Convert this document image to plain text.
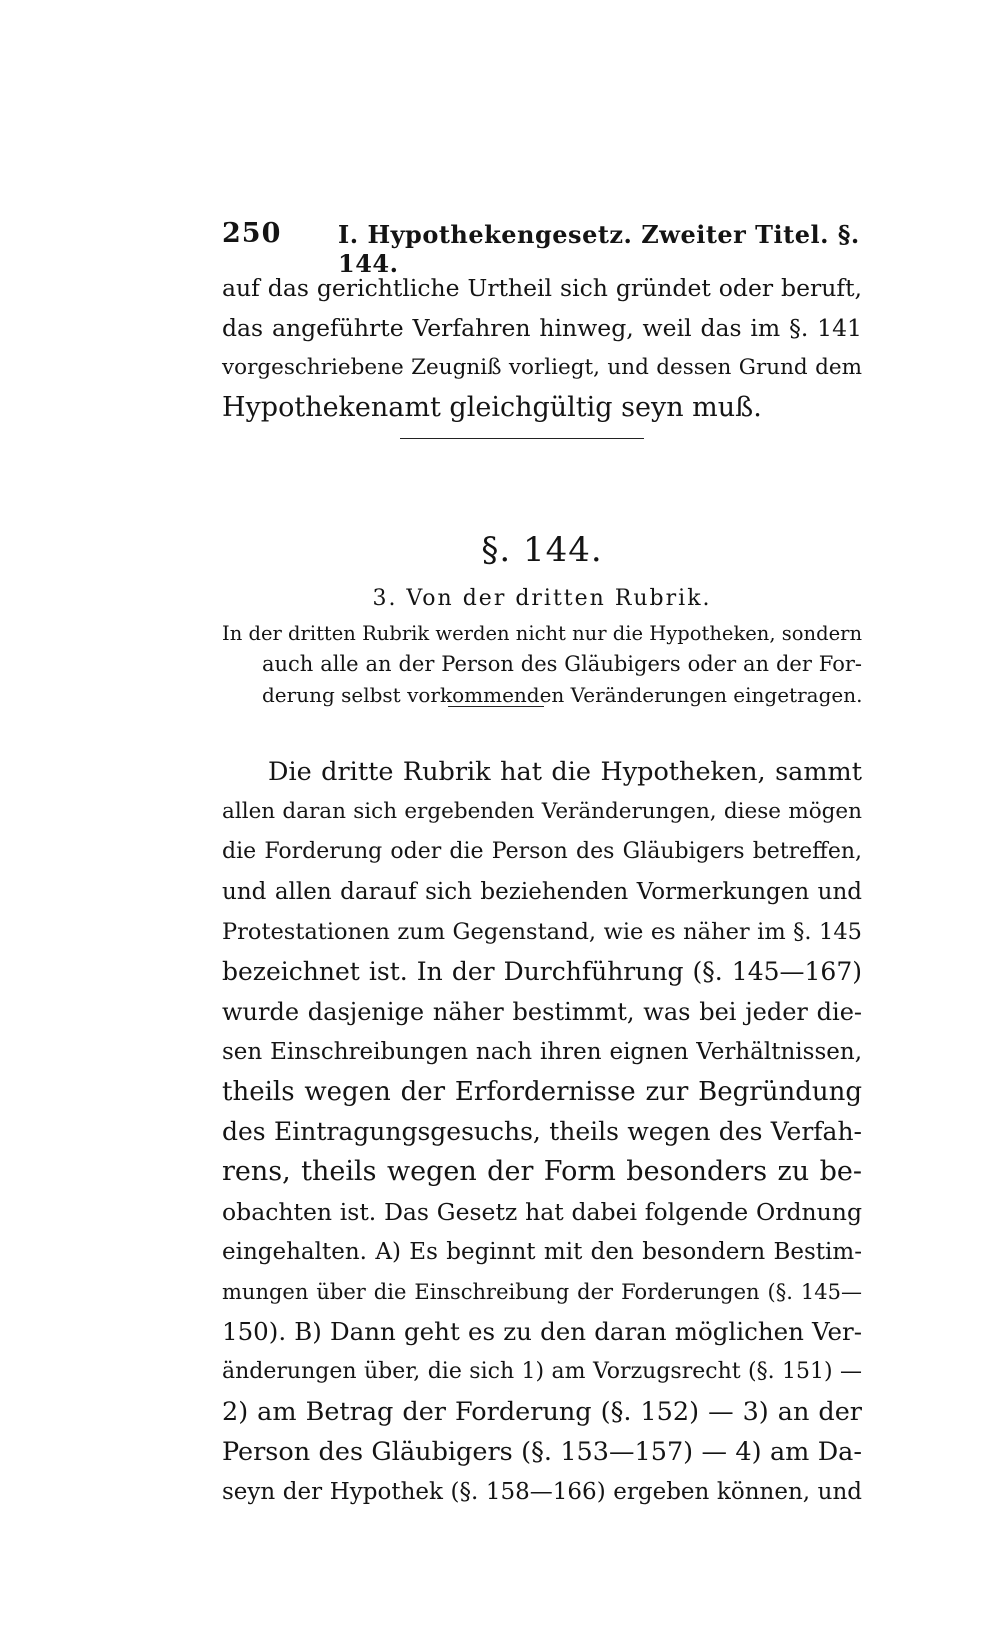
250 I. Hypothekengesetz. Zweiter Titel. §. 144.
auf das gerichtliche Urtheil sich gründet oder beruft,
das angeführte Verfahren hinweg, weil das im §. 141
vorgeschriebene Zeugniß vorliegt, und dessen Grund dem
Hypothekenamt gleichgültig seyn muß.
§. 144.
3. Von der dritten Rubrik.
In der dritten Rubrik werden nicht nur die Hypotheken, sondern
auch alle an der Person des Gläubigers oder an der For-
derung selbst vorkommenden Veränderungen eingetragen.
Die dritte Rubrik hat die Hypotheken, sammt
allen daran sich ergebenden Veränderungen, diese mögen
die Forderung oder die Person des Gläubigers betreffen,
und allen darauf sich beziehenden Vormerkungen und
Protestationen zum Gegenstand, wie es näher im §. 145
bezeichnet ist. In der Durchführung (§. 145—167)
wurde dasjenige näher bestimmt, was bei jeder die-
sen Einschreibungen nach ihren eignen Verhältnissen,
theils wegen der Erfordernisse zur Begründung
des Eintragungsgesuchs, theils wegen des Verfah-
rens, theils wegen der Form besonders zu be-
obachten ist. Das Gesetz hat dabei folgende Ordnung
eingehalten. A) Es beginnt mit den besondern Bestim-
mungen über die Einschreibung der Forderungen (§. 145—
150). B) Dann geht es zu den daran möglichen Ver-
änderungen über, die sich 1) am Vorzugsrecht (§. 151) —
2) am Betrag der Forderung (§. 152) — 3) an der
Person des Gläubigers (§. 153—157) — 4) am Da-
seyn der Hypothek (§. 158—166) ergeben können, und
